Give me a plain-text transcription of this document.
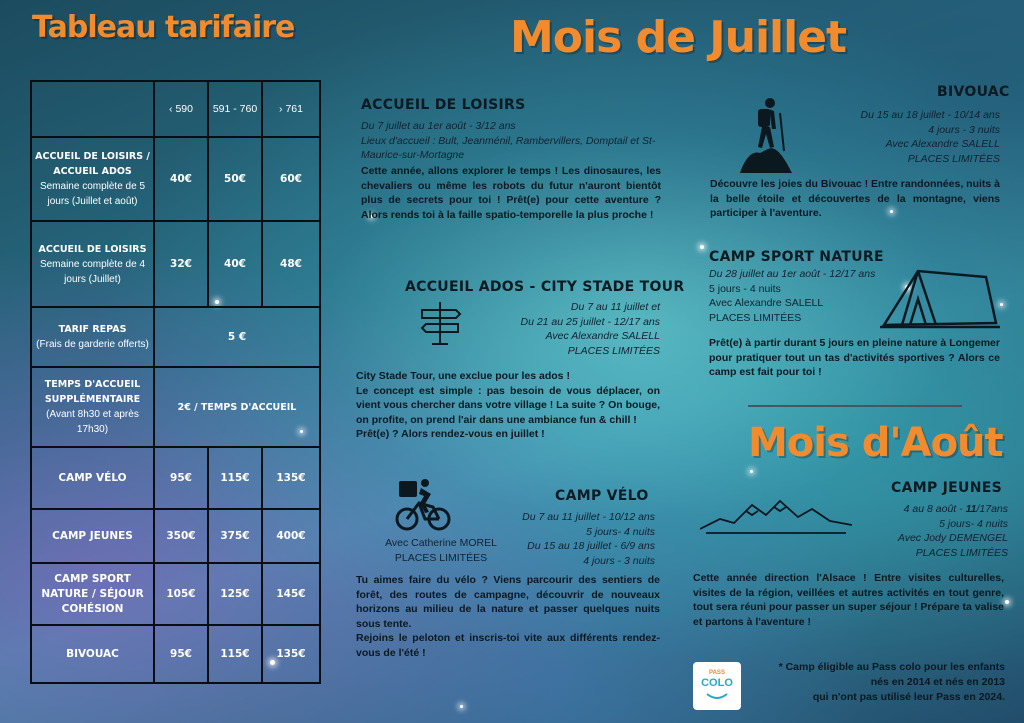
Tableau tarifaire
	‹ 590	591 - 760	› 761

ACCUEIL DE LOISIRS / ACCUEIL ADOS
Semaine complète de 5 jours (Juillet et août)	40€	50€	60€

ACCUEIL DE LOISIRS
Semaine complète de 4 jours (Juillet)	32€	40€	48€

TARIF REPAS
(Frais de garderie offerts)	5 €		

TEMPS D'ACCUEIL SUPPLÉMENTAIRE
(Avant 8h30 et après 17h30)	2€ / TEMPS D'ACCUEIL		
CAMP VÉLO	95€	115€	135€
CAMP JEUNES	350€	375€	400€
CAMP SPORT NATURE / SÉJOUR COHÉSION	105€	125€	145€
BIVOUAC	95€	115€	135€
Mois de Juillet
ACCUEIL DE LOISIRS
Du 7 juillet au 1er août - 3/12 ans
Lieux d'accueil : Bult, Jeanménil, Rambervillers, Domptail et St-Maurice-sur-Mortagne
Cette année, allons explorer le temps ! Les dinosaures, les chevaliers ou même les robots du futur n'auront bientôt plus de secrets pour toi ! Prêt(e) pour cette aventure ? Alors rends toi à la faille spatio-temporelle la plus proche !
ACCUEIL ADOS - CITY STADE TOUR
Du 7 au 11 juillet et
Du 21 au 25 juillet - 12/17 ans
Avec Alexandre SALELL
PLACES LIMITÉES
City Stade Tour, une exclue pour les ados !
Le concept est simple : pas besoin de vous déplacer, on vient vous chercher dans votre village ! La suite ? On bouge, on profite, on prend l'air dans une ambiance fun & chill !
Prêt(e) ? Alors rendez-vous en juillet !
CAMP VÉLO
Du 7 au 11 juillet - 10/12 ans
5 jours- 4 nuits
Du 15 au 18 juillet - 6/9 ans
4 jours - 3 nuits
Avec Catherine MOREL
PLACES LIMITÉES
Tu aimes faire du vélo ? Viens parcourir des sentiers de forêt, des routes de campagne, découvrir de nouveaux horizons au milieu de la nature et passer quelques nuits sous tente.
Rejoins le peloton et inscris-toi vite aux différents rendez-vous de l'été !
BIVOUAC
Du 15 au 18 juillet - 10/14 ans
4 jours - 3 nuits
Avec Alexandre SALELL
PLACES LIMITÉES
Découvre les joies du Bivouac ! Entre randonnées, nuits à la belle étoile et découvertes de la montagne, viens participer à l'aventure.
CAMP SPORT NATURE
Du 28 juillet au 1er août - 12/17 ans
5 jours - 4 nuits
Avec Alexandre SALELL
PLACES LIMITÉES
Prêt(e) à partir durant 5 jours en pleine nature à Longemer pour pratiquer tout un tas d'activités sportives ? Alors ce camp est fait pour toi !
Mois d'Août
CAMP JEUNES
4 au 8 août - 11/17ans
5 jours- 4 nuits
Avec Jody DEMENGEL
PLACES LIMITÉES
Cette année direction l'Alsace ! Entre visites culturelles, visites de la région, veillées et autres activités en tout genre, tout sera réuni pour passer un super séjour ! Prépare ta valise et partons à l'aventure !
PASS
COLO
* Camp éligible au Pass colo pour les enfants
nés en 2014 et nés en 2013
qui n'ont pas utilisé leur Pass en 2024.
